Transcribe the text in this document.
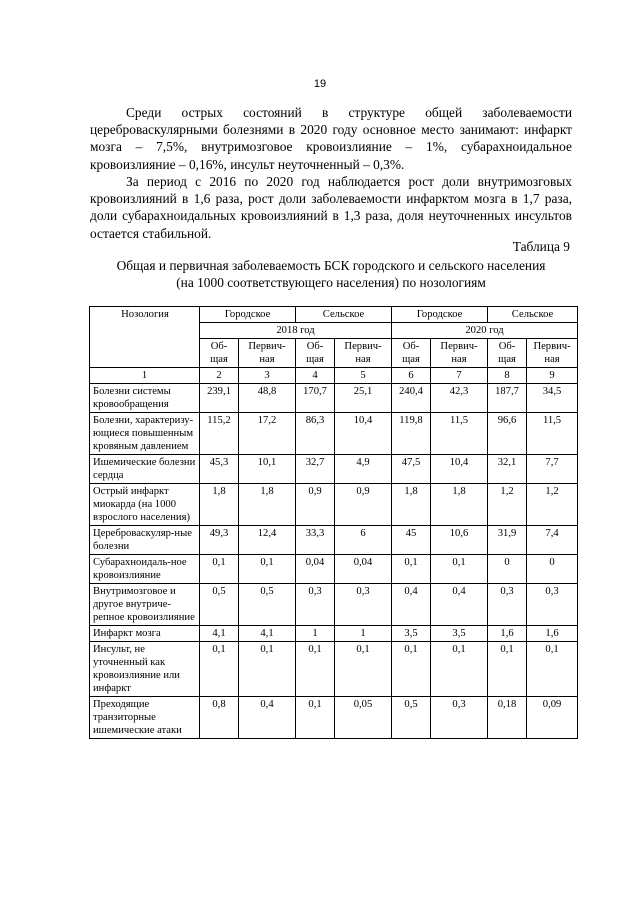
19

Среди острых состояний в структуре общей заболеваемости цереброваскулярными болезнями в 2020 году основное место занимают: инфаркт мозга – 7,5%, внутримозговое кровоизлияние – 1%, субарахноидальное кровоизлияние – 0,16%, инсульт неуточненный – 0,3%.

За период с 2016 по 2020 год наблюдается рост доли внутримозговых кровоизлияний в 1,6 раза, рост доли заболеваемости инфарктом мозга в 1,7 раза, доли субарахноидальных кровоизлияний в 1,3 раза, доля неуточненных инсультов остается стабильной.

Таблица 9
Общая и первичная заболеваемость БСК городского и сельского населения
(на 1000 соответствующего населения) по нозологиям
Нозология	Городское		Сельское		Городское		Сельское	
	2018 год				2020 год			
	Об-щая	Первич-ная	Об-щая	Первич-ная	Об-щая	Первич-ная	Об-щая	Первич-ная
1	2	3	4	5	6	7	8	9
Болезни системы кровообращения	239,1	48,8	170,7	25,1	240,4	42,3	187,7	34,5
Болезни, характеризу-ющиеся повышенным кровяным давлением	115,2	17,2	86,3	10,4	119,8	11,5	96,6	11,5
Ишемические болезни сердца	45,3	10,1	32,7	4,9	47,5	10,4	32,1	7,7
Острый инфаркт миокарда (на 1000 взрослого населения)	1,8	1,8	0,9	0,9	1,8	1,8	1,2	1,2
Цереброваскуляр-ные болезни	49,3	12,4	33,3	6	45	10,6	31,9	7,4
Субарахноидаль-ное кровоизлияние	0,1	0,1	0,04	0,04	0,1	0,1	0	0
Внутримозговое и другое внутриче-репное кровоизлияние	0,5	0,5	0,3	0,3	0,4	0,4	0,3	0,3
Инфаркт мозга	4,1	4,1	1	1	3,5	3,5	1,6	1,6
Инсульт, не уточненный как кровоизлияние или инфаркт	0,1	0,1	0,1	0,1	0,1	0,1	0,1	0,1
Преходящие транзиторные ишемические атаки	0,8	0,4	0,1	0,05	0,5	0,3	0,18	0,09
